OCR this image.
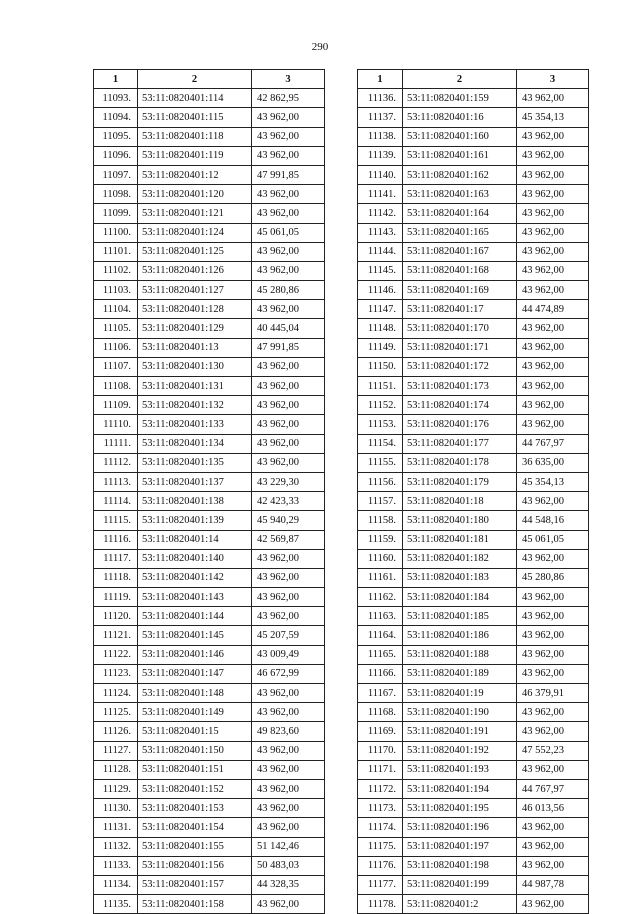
290
1	2	3
11093.	53:11:0820401:114	42 862,95
11094.	53:11:0820401:115	43 962,00
11095.	53:11:0820401:118	43 962,00
11096.	53:11:0820401:119	43 962,00
11097.	53:11:0820401:12	47 991,85
11098.	53:11:0820401:120	43 962,00
11099.	53:11:0820401:121	43 962,00
11100.	53:11:0820401:124	45 061,05
11101.	53:11:0820401:125	43 962,00
11102.	53:11:0820401:126	43 962,00
11103.	53:11:0820401:127	45 280,86
11104.	53:11:0820401:128	43 962,00
11105.	53:11:0820401:129	40 445,04
11106.	53:11:0820401:13	47 991,85
11107.	53:11:0820401:130	43 962,00
11108.	53:11:0820401:131	43 962,00
11109.	53:11:0820401:132	43 962,00
11110.	53:11:0820401:133	43 962,00
11111.	53:11:0820401:134	43 962,00
11112.	53:11:0820401:135	43 962,00
11113.	53:11:0820401:137	43 229,30
11114.	53:11:0820401:138	42 423,33
11115.	53:11:0820401:139	45 940,29
11116.	53:11:0820401:14	42 569,87
11117.	53:11:0820401:140	43 962,00
11118.	53:11:0820401:142	43 962,00
11119.	53:11:0820401:143	43 962,00
11120.	53:11:0820401:144	43 962,00
11121.	53:11:0820401:145	45 207,59
11122.	53:11:0820401:146	43 009,49
11123.	53:11:0820401:147	46 672,99
11124.	53:11:0820401:148	43 962,00
11125.	53:11:0820401:149	43 962,00
11126.	53:11:0820401:15	49 823,60
11127.	53:11:0820401:150	43 962,00
11128.	53:11:0820401:151	43 962,00
11129.	53:11:0820401:152	43 962,00
11130.	53:11:0820401:153	43 962,00
11131.	53:11:0820401:154	43 962,00
11132.	53:11:0820401:155	51 142,46
11133.	53:11:0820401:156	50 483,03
11134.	53:11:0820401:157	44 328,35
11135.	53:11:0820401:158	43 962,00
1	2	3
11136.	53:11:0820401:159	43 962,00
11137.	53:11:0820401:16	45 354,13
11138.	53:11:0820401:160	43 962,00
11139.	53:11:0820401:161	43 962,00
11140.	53:11:0820401:162	43 962,00
11141.	53:11:0820401:163	43 962,00
11142.	53:11:0820401:164	43 962,00
11143.	53:11:0820401:165	43 962,00
11144.	53:11:0820401:167	43 962,00
11145.	53:11:0820401:168	43 962,00
11146.	53:11:0820401:169	43 962,00
11147.	53:11:0820401:17	44 474,89
11148.	53:11:0820401:170	43 962,00
11149.	53:11:0820401:171	43 962,00
11150.	53:11:0820401:172	43 962,00
11151.	53:11:0820401:173	43 962,00
11152.	53:11:0820401:174	43 962,00
11153.	53:11:0820401:176	43 962,00
11154.	53:11:0820401:177	44 767,97
11155.	53:11:0820401:178	36 635,00
11156.	53:11:0820401:179	45 354,13
11157.	53:11:0820401:18	43 962,00
11158.	53:11:0820401:180	44 548,16
11159.	53:11:0820401:181	45 061,05
11160.	53:11:0820401:182	43 962,00
11161.	53:11:0820401:183	45 280,86
11162.	53:11:0820401:184	43 962,00
11163.	53:11:0820401:185	43 962,00
11164.	53:11:0820401:186	43 962,00
11165.	53:11:0820401:188	43 962,00
11166.	53:11:0820401:189	43 962,00
11167.	53:11:0820401:19	46 379,91
11168.	53:11:0820401:190	43 962,00
11169.	53:11:0820401:191	43 962,00
11170.	53:11:0820401:192	47 552,23
11171.	53:11:0820401:193	43 962,00
11172.	53:11:0820401:194	44 767,97
11173.	53:11:0820401:195	46 013,56
11174.	53:11:0820401:196	43 962,00
11175.	53:11:0820401:197	43 962,00
11176.	53:11:0820401:198	43 962,00
11177.	53:11:0820401:199	44 987,78
11178.	53:11:0820401:2	43 962,00
